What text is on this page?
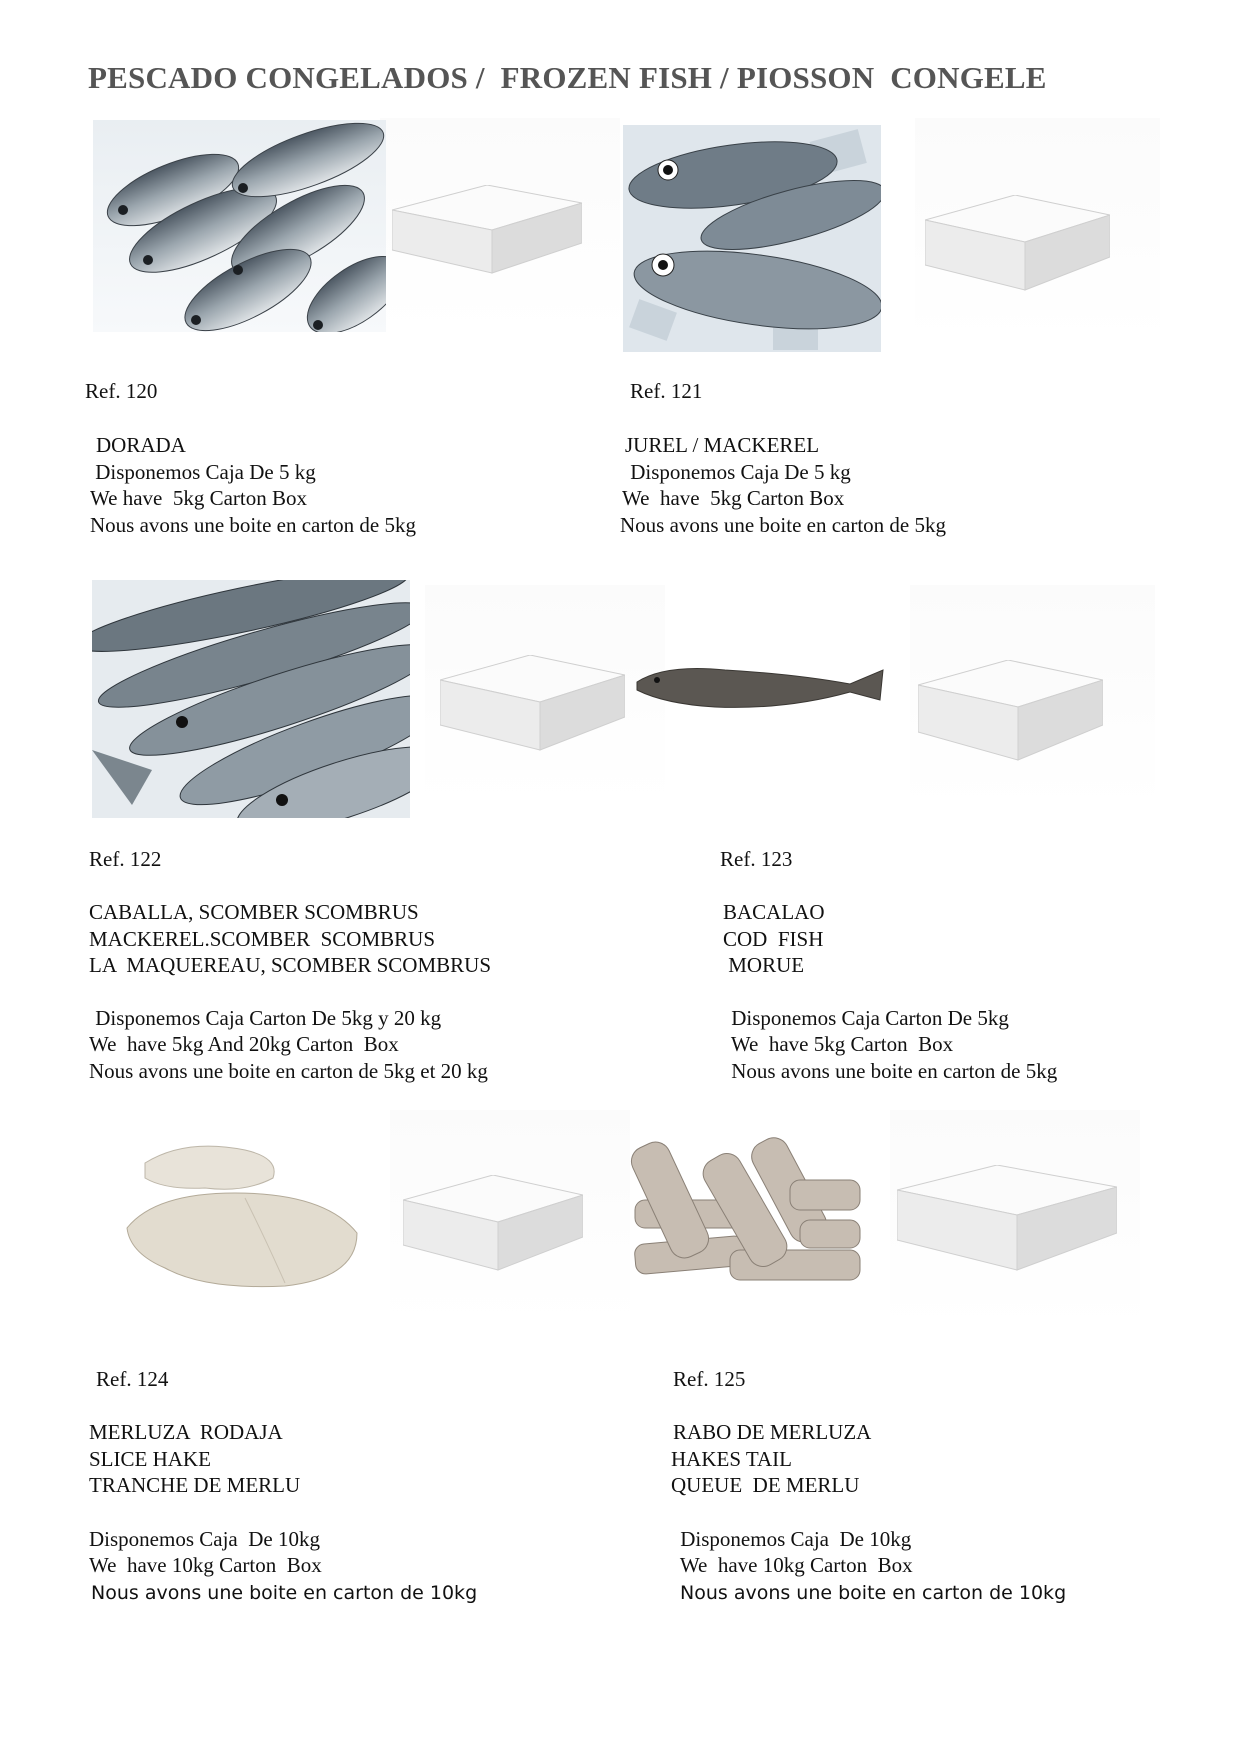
PESCADO CONGELADOS /  FROZEN FISH / PIOSSON  CONGELE
Ref. 120
DORADA
Disponemos Caja De 5 kg
We have  5kg Carton Box
Nous avons une boite en carton de 5kg
Ref. 121
JUREL / MACKEREL
Disponemos Caja De 5 kg
We  have  5kg Carton Box
Nous avons une boite en carton de 5kg
Ref. 122
CABALLA, SCOMBER SCOMBRUS
MACKEREL.SCOMBER  SCOMBRUS
LA  MAQUEREAU, SCOMBER SCOMBRUS
Disponemos Caja Carton De 5kg y 20 kg
We  have 5kg And 20kg Carton  Box
Nous avons une boite en carton de 5kg et 20 kg
Ref. 123
BACALAO
COD  FISH
MORUE
Disponemos Caja Carton De 5kg
We  have 5kg Carton  Box
Nous avons une boite en carton de 5kg
Ref. 124
MERLUZA  RODAJA
SLICE HAKE
TRANCHE DE MERLU
Disponemos Caja  De 10kg
We  have 10kg Carton  Box
Nous avons une boite en carton de 10kg
Ref. 125
RABO DE MERLUZA
HAKES TAIL
QUEUE  DE MERLU
Disponemos Caja  De 10kg
We  have 10kg Carton  Box
Nous avons une boite en carton de 10kg
